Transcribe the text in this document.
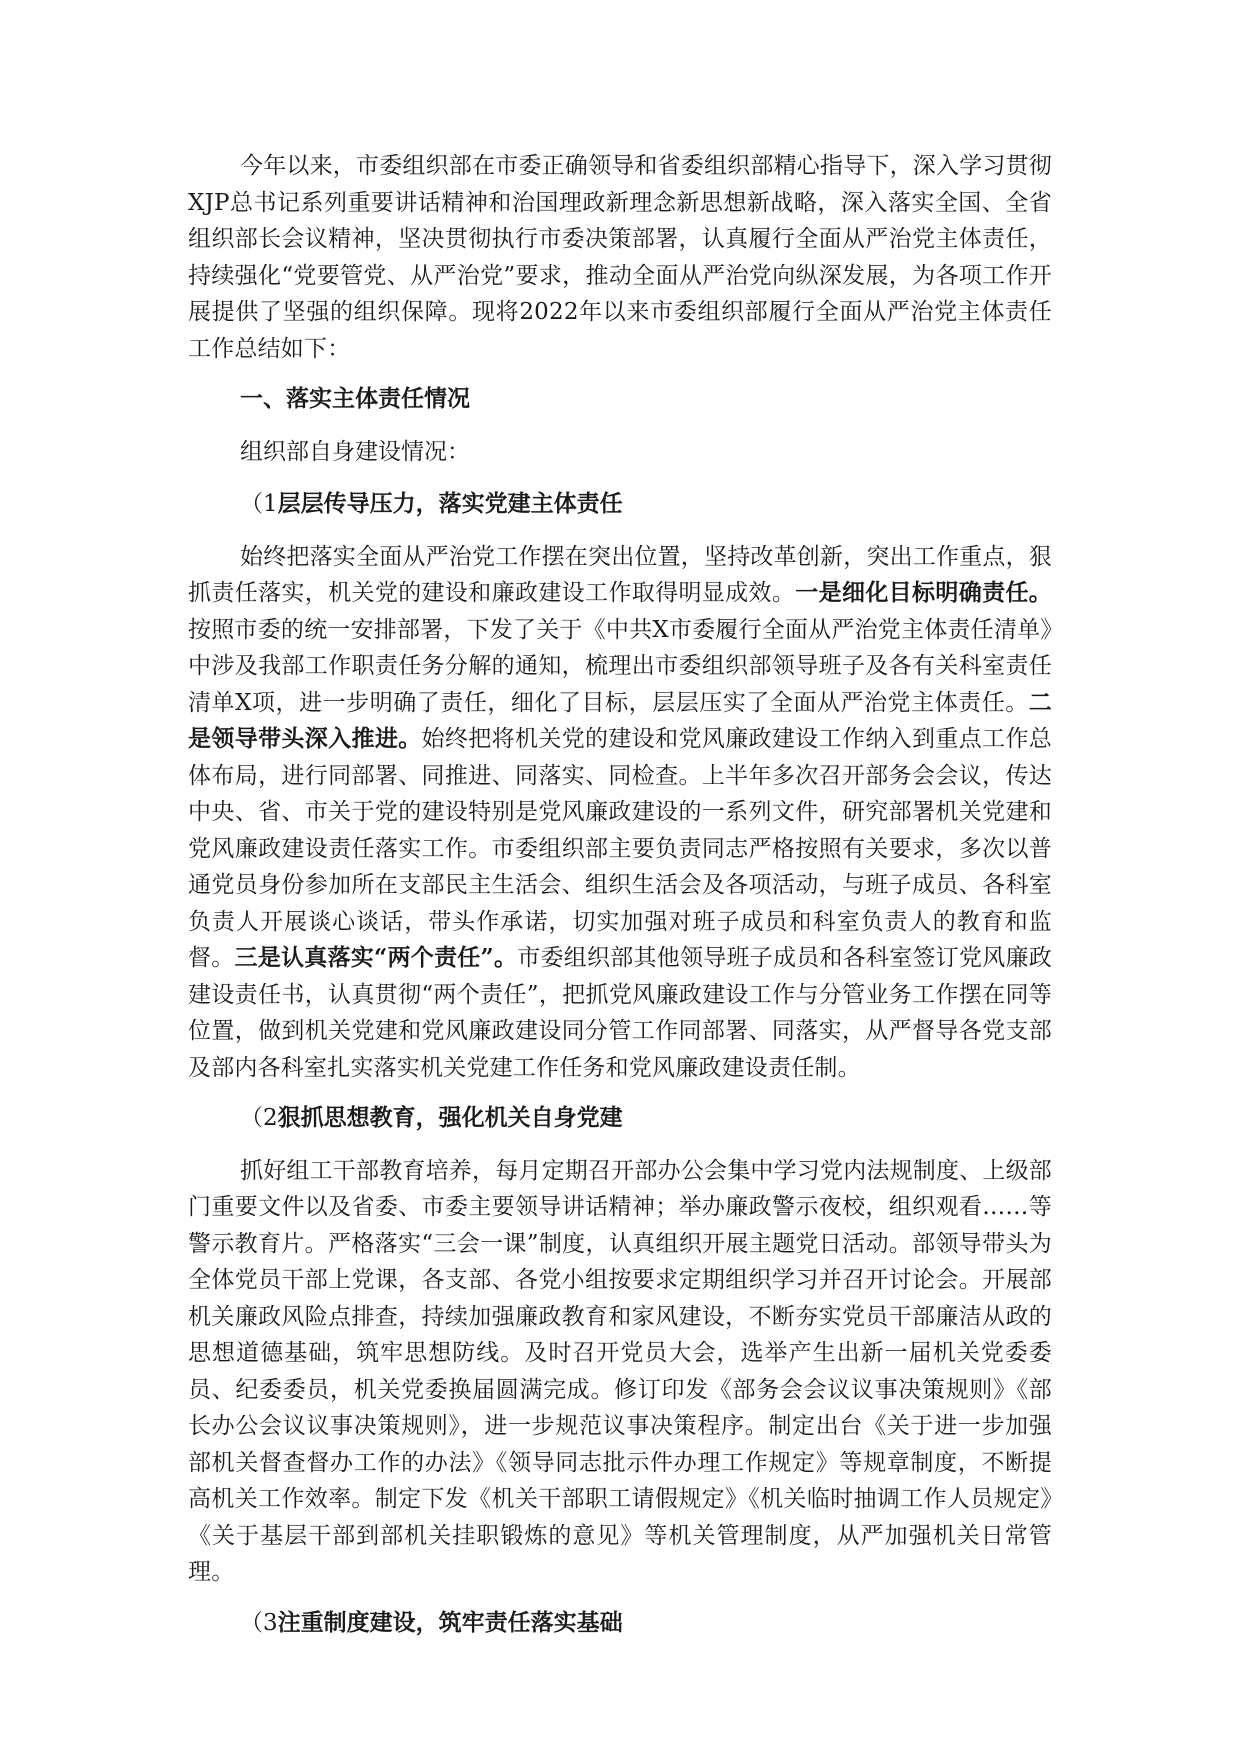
今年以来，市委组织部在市委正确领导和省委组织部精心指导下，深入学习贯彻XJP总书记系列重要讲话精神和治国理政新理念新思想新战略，深入落实全国、全省组织部长会议精神，坚决贯彻执行市委决策部署，认真履行全面从严治党主体责任，持续强化“党要管党、从严治党”要求，推动全面从严治党向纵深发展，为各项工作开展提供了坚强的组织保障。现将2022年以来市委组织部履行全面从严治党主体责任工作总结如下：

一、落实主体责任情况

组织部自身建设情况：

（1层层传导压力，落实党建主体责任

始终把落实全面从严治党工作摆在突出位置，坚持改革创新，突出工作重点，狠抓责任落实，机关党的建设和廉政建设工作取得明显成效。一是细化目标明确责任。按照市委的统一安排部署，下发了关于《中共X市委履行全面从严治党主体责任清单》中涉及我部工作职责任务分解的通知，梳理出市委组织部领导班子及各有关科室责任清单X项，进一步明确了责任，细化了目标，层层压实了全面从严治党主体责任。二是领导带头深入推进。始终把将机关党的建设和党风廉政建设工作纳入到重点工作总体布局，进行同部署、同推进、同落实、同检查。上半年多次召开部务会会议，传达中央、省、市关于党的建设特别是党风廉政建设的一系列文件，研究部署机关党建和党风廉政建设责任落实工作。市委组织部主要负责同志严格按照有关要求，多次以普通党员身份参加所在支部民主生活会、组织生活会及各项活动，与班子成员、各科室负责人开展谈心谈话，带头作承诺，切实加强对班子成员和科室负责人的教育和监督。三是认真落实“两个责任”。市委组织部其他领导班子成员和各科室签订党风廉政建设责任书，认真贯彻“两个责任”，把抓党风廉政建设工作与分管业务工作摆在同等位置，做到机关党建和党风廉政建设同分管工作同部署、同落实，从严督导各党支部及部内各科室扎实落实机关党建工作任务和党风廉政建设责任制。

（2狠抓思想教育，强化机关自身党建

抓好组工干部教育培养，每月定期召开部办公会集中学习党内法规制度、上级部门重要文件以及省委、市委主要领导讲话精神；举办廉政警示夜校，组织观看……等警示教育片。严格落实“三会一课”制度，认真组织开展主题党日活动。部领导带头为全体党员干部上党课，各支部、各党小组按要求定期组织学习并召开讨论会。开展部机关廉政风险点排查，持续加强廉政教育和家风建设，不断夯实党员干部廉洁从政的思想道德基础，筑牢思想防线。及时召开党员大会，选举产生出新一届机关党委委员、纪委委员，机关党委换届圆满完成。修订印发《部务会会议议事决策规则》《部长办公会议议事决策规则》，进一步规范议事决策程序。制定出台《关于进一步加强部机关督查督办工作的办法》《领导同志批示件办理工作规定》等规章制度，不断提高机关工作效率。制定下发《机关干部职工请假规定》《机关临时抽调工作人员规定》《关于基层干部到部机关挂职锻炼的意见》等机关管理制度，从严加强机关日常管理。

（3注重制度建设，筑牢责任落实基础
